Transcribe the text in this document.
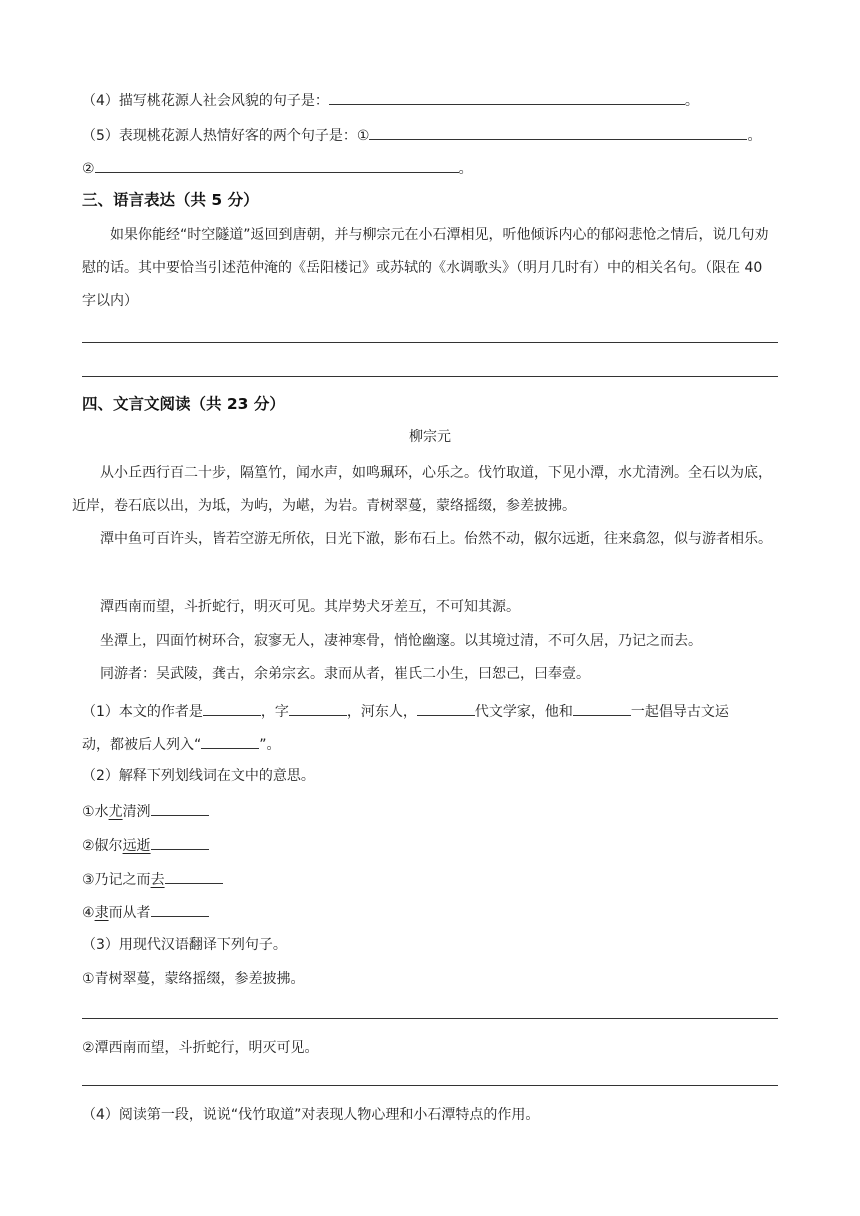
（4）描写桃花源人社会风貌的句子是：	。
（5）表现桃花源人热情好客的两个句子是：①	。
②	。
三、语言表达（共 5 分）
如果你能经“时空隧道”返回到唐朝，并与柳宗元在小石潭相见，听他倾诉内心的郁闷悲怆之情后，说几句劝慰的话。其中要恰当引述范仲淹的《岳阳楼记》或苏轼的《水调歌头》（明月几时有）中的相关名句。（限在 40 字以内）
四、文言文阅读（共 23 分）
柳宗元
从小丘西行百二十步，隔篁竹，闻水声，如鸣珮环，心乐之。伐竹取道，下见小潭，水尤清洌。全石以为底，近岸，卷石底以出，为坻，为屿，为嵁，为岩。青树翠蔓，蒙络摇缀，参差披拂。
潭中鱼可百许头，皆若空游无所依，日光下澈，影布石上。佁然不动，俶尔远逝，往来翕忽，似与游者相乐。
潭西南而望，斗折蛇行，明灭可见。其岸势犬牙差互，不可知其源。
坐潭上，四面竹树环合，寂寥无人，凄神寒骨，悄怆幽邃。以其境过清，不可久居，乃记之而去。
同游者：吴武陵，龚古，余弟宗玄。隶而从者，崔氏二小生，曰恕己，曰奉壹。
（1）本文的作者是	，字	，河东人，	代文学家，他和	一起倡导古文运
动，都被后人列入“	”。
（2）解释下列划线词在文中的意思。
①水尤清洌
②俶尔远逝
③乃记之而去
④隶而从者
（3）用现代汉语翻译下列句子。
①青树翠蔓，蒙络摇缀，参差披拂。
②潭西南而望，斗折蛇行，明灭可见。
（4）阅读第一段，说说“伐竹取道”对表现人物心理和小石潭特点的作用。
